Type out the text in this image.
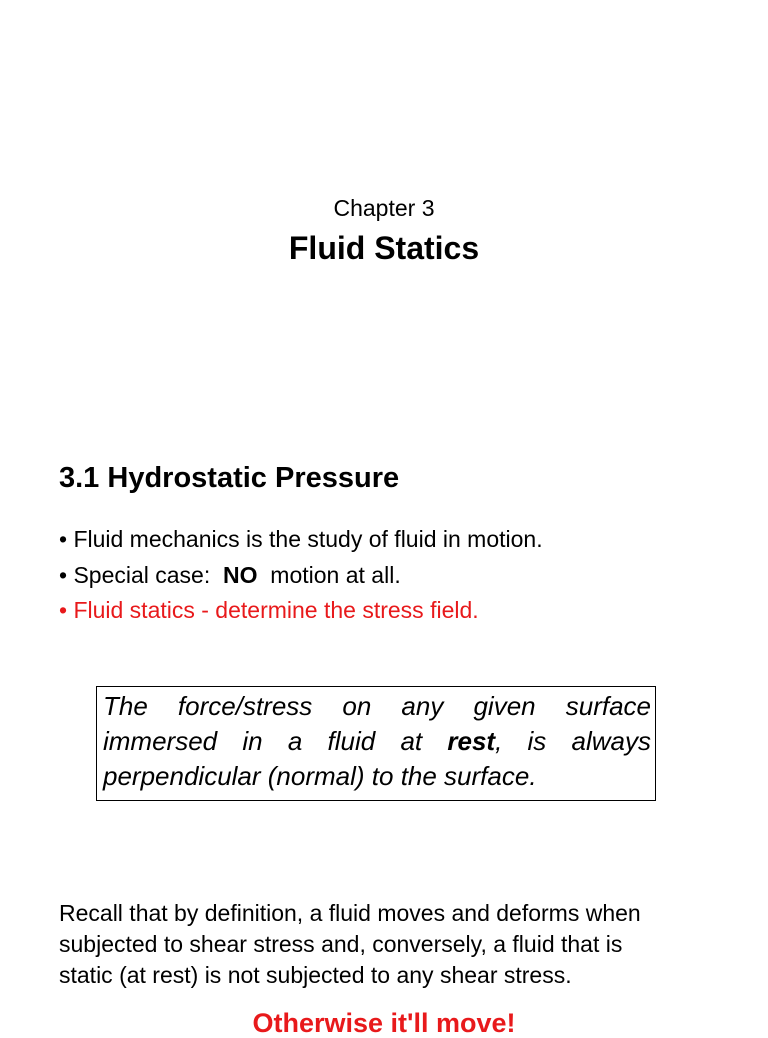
Chapter 3
Fluid Statics
3.1 Hydrostatic Pressure
• Fluid mechanics is the study of fluid in motion.
• Special case:  NO  motion at all.
• Fluid statics - determine the stress field.
The force/stress on any given surface
immersed in a fluid at rest, is always
perpendicular (normal) to the surface.
Recall that by definition, a fluid moves and deforms when
subjected to shear stress and, conversely, a fluid that is
static (at rest) is not subjected to any shear stress.
Otherwise it'll move!
